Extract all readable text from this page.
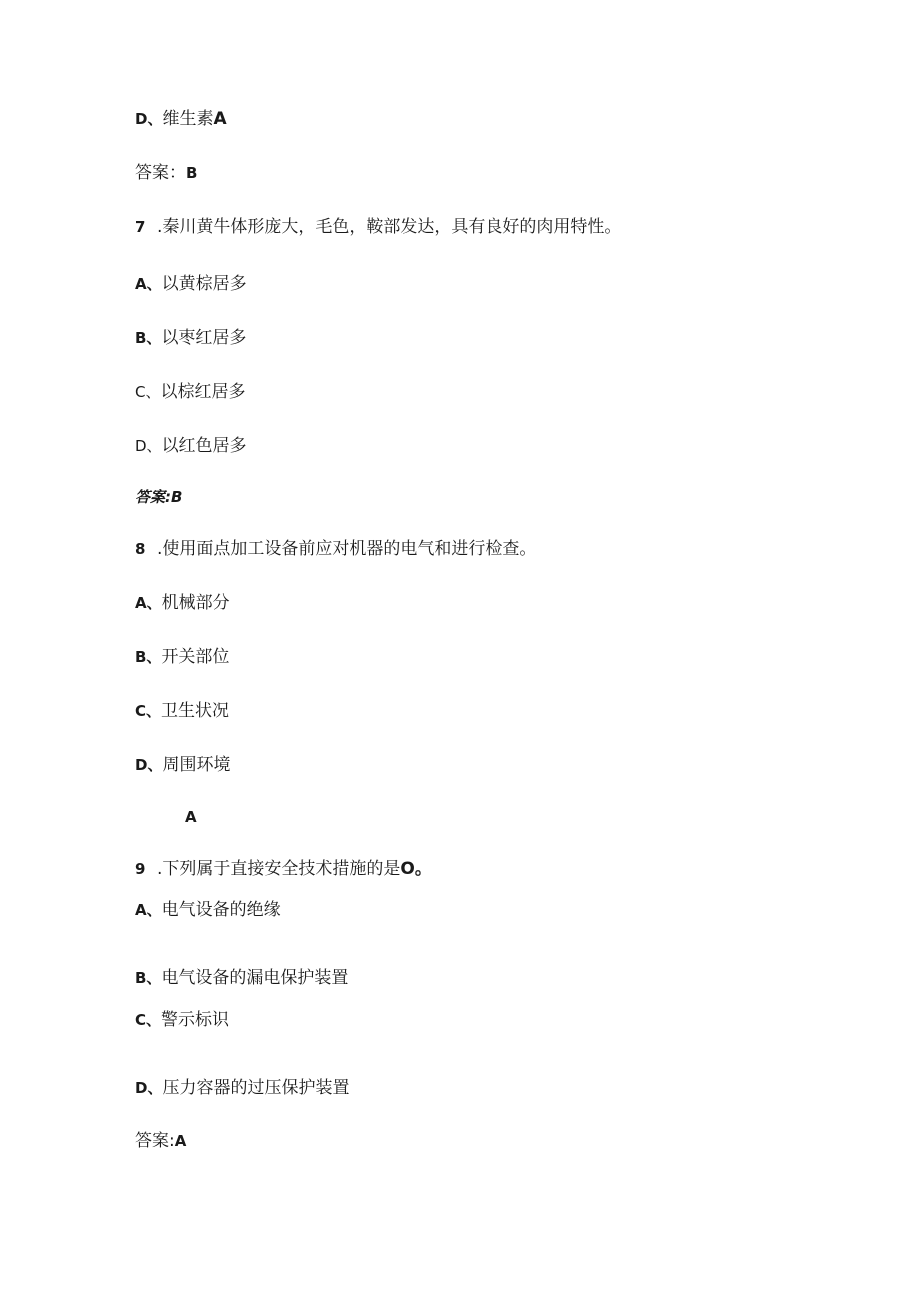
D、维生素A
答案：B
7 .秦川黄牛体形庞大，毛色，鞍部发达，具有良好的肉用特性。
A、以黄棕居多
B、以枣红居多
C、以棕红居多
D、以红色居多
答案:B
8 .使用面点加工设备前应对机器的电气和进行检查。
A、机械部分
B、开关部位
C、卫生状况
D、周围环境
A
9 .下列属于直接安全技术措施的是O。
A、电气设备的绝缘
B、电气设备的漏电保护装置
C、警示标识
D、压力容器的过压保护装置
答案:A
